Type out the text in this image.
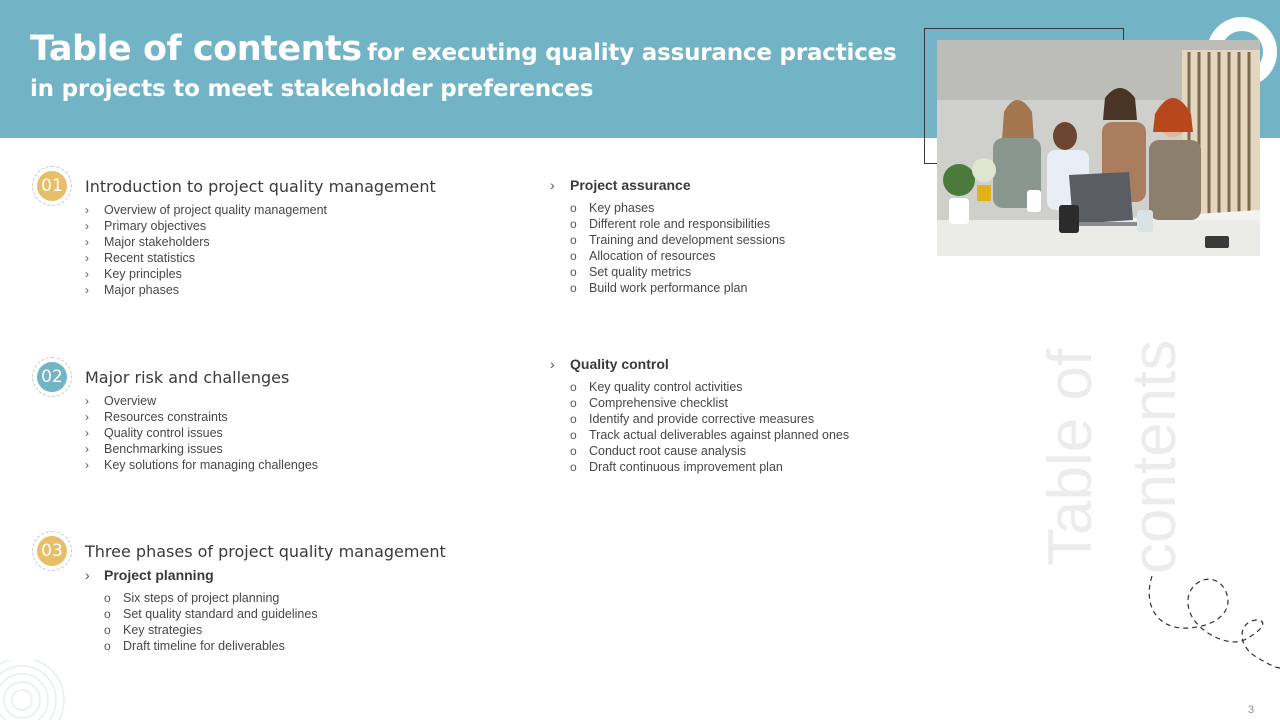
Table of contents for executing quality assurance practices in projects to meet stakeholder preferences
Table of contents
01 Introduction to project quality management
›	Overview of project quality management
›	Primary objectives
›	Major stakeholders
›	Recent statistics
›	Key principles
›	Major phases
02 Major risk and challenges
›	Overview
›	Resources constraints
›	Quality control issues
›	Benchmarking issues
›	Key solutions for managing challenges
03 Three phases of project quality management
› Project planning
o Six steps of project planning
o Set quality standard and guidelines
o Key strategies
o Draft timeline for deliverables
› Project assurance
o Key phases
o Different role and responsibilities
o Training and development sessions
o Allocation of resources
o Set quality metrics
o Build work performance plan
› Quality control
o Key quality control activities
o Comprehensive checklist
o Identify and provide corrective measures
o Track actual deliverables against planned ones
o Conduct root cause analysis
o Draft continuous improvement plan
3
